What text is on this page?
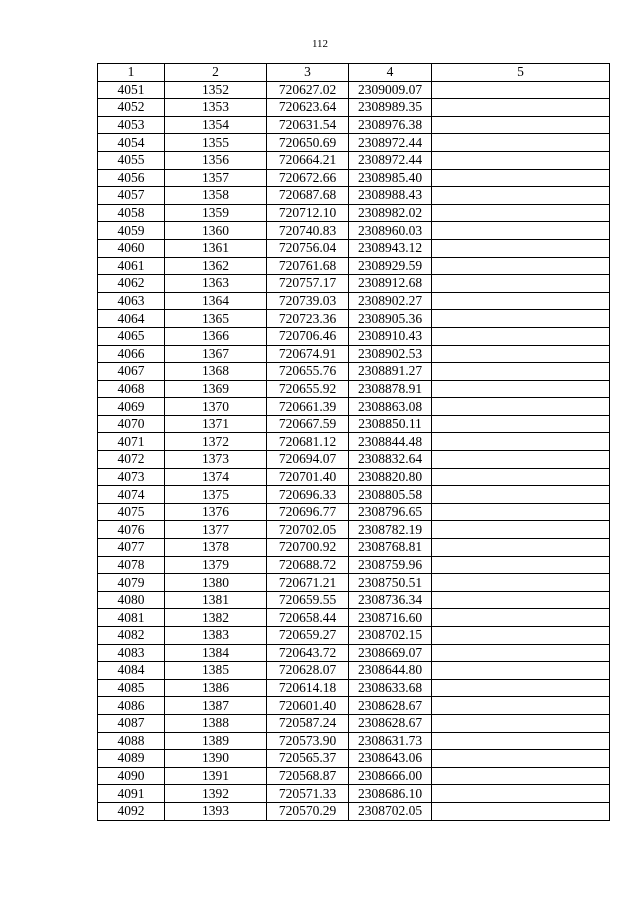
112
1	2	3	4	5
4051	1352	720627.02	2309009.07	
4052	1353	720623.64	2308989.35	
4053	1354	720631.54	2308976.38	
4054	1355	720650.69	2308972.44	
4055	1356	720664.21	2308972.44	
4056	1357	720672.66	2308985.40	
4057	1358	720687.68	2308988.43	
4058	1359	720712.10	2308982.02	
4059	1360	720740.83	2308960.03	
4060	1361	720756.04	2308943.12	
4061	1362	720761.68	2308929.59	
4062	1363	720757.17	2308912.68	
4063	1364	720739.03	2308902.27	
4064	1365	720723.36	2308905.36	
4065	1366	720706.46	2308910.43	
4066	1367	720674.91	2308902.53	
4067	1368	720655.76	2308891.27	
4068	1369	720655.92	2308878.91	
4069	1370	720661.39	2308863.08	
4070	1371	720667.59	2308850.11	
4071	1372	720681.12	2308844.48	
4072	1373	720694.07	2308832.64	
4073	1374	720701.40	2308820.80	
4074	1375	720696.33	2308805.58	
4075	1376	720696.77	2308796.65	
4076	1377	720702.05	2308782.19	
4077	1378	720700.92	2308768.81	
4078	1379	720688.72	2308759.96	
4079	1380	720671.21	2308750.51	
4080	1381	720659.55	2308736.34	
4081	1382	720658.44	2308716.60	
4082	1383	720659.27	2308702.15	
4083	1384	720643.72	2308669.07	
4084	1385	720628.07	2308644.80	
4085	1386	720614.18	2308633.68	
4086	1387	720601.40	2308628.67	
4087	1388	720587.24	2308628.67	
4088	1389	720573.90	2308631.73	
4089	1390	720565.37	2308643.06	
4090	1391	720568.87	2308666.00	
4091	1392	720571.33	2308686.10	
4092	1393	720570.29	2308702.05	
